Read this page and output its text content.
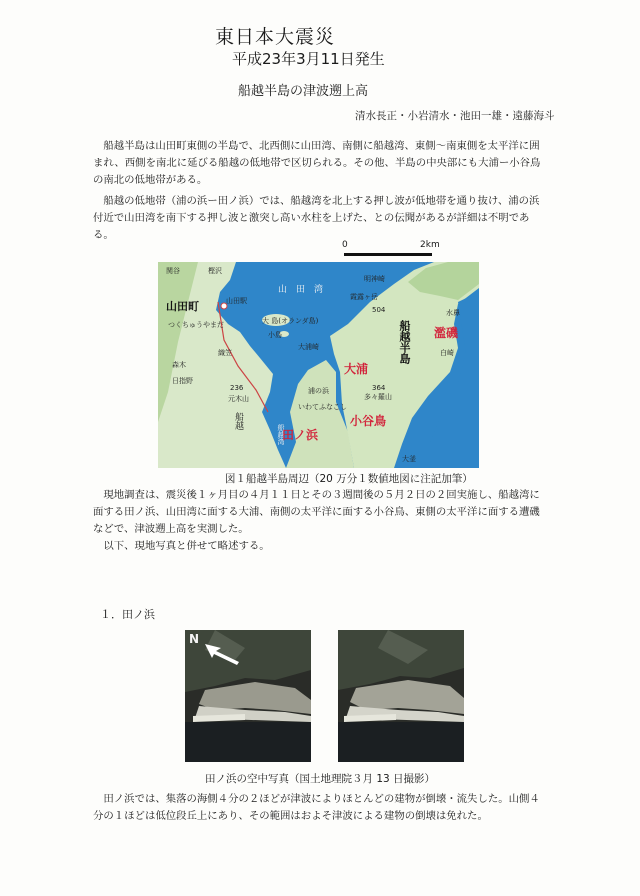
東日本大震災
平成23年3月11日発生
船越半島の津波遡上高
清水長正・小岩清水・池田一雄・遠藤海斗

船越半島は山田町東側の半島で、北西側に山田湾、南側に船越湾、東側〜南東側を太平洋に囲まれ、西側を南北に延びる船越の低地帯で区切られる。その他、半島の中央部にも大浦ー小谷鳥の南北の低地帯がある。

船越の低地帯（浦の浜ー田ノ浜）では、船越湾を北上する押し波が低地帯を通り抜け、浦の浜付近で山田湾を南下する押し波と激突し高い水柱を上げた、との伝聞があるが詳細は不明である。

0	2km
関谷	樫沢
山田町	山田駅
つくちゅうやまだ
山　田　湾
大 島(オランダ島)
小島
大浦崎
織笠
森木
日指野
236
元木山
浦の浜
いわてふなこし
船越
船越湾
大浦
田ノ浜
小谷鳥
濫磯
霞露ヶ岳
504
明神崎
水鼻
船越半島	白崎
多々羅山
364
大釜
図１船越半島周辺（20 万分１数値地図に注記加筆）

現地調査は、震災後１ヶ月目の４月１１日とその３週間後の５月２日の２回実施し、船越湾に面する田ノ浜、山田湾に面する大浦、南側の太平洋に面する小谷鳥、東側の太平洋に面する遭磯などで、津波遡上高を実測した。

以下、現地写真と併せて略述する。

１．田ノ浜
N
田ノ浜の空中写真（国土地理院３月 13 日撮影）

田ノ浜では、集落の海側４分の２ほどが津波によりほとんどの建物が倒壊・流失した。山側４分の１ほどは低位段丘上にあり、その範囲はおよそ津波による建物の倒壊は免れた。
